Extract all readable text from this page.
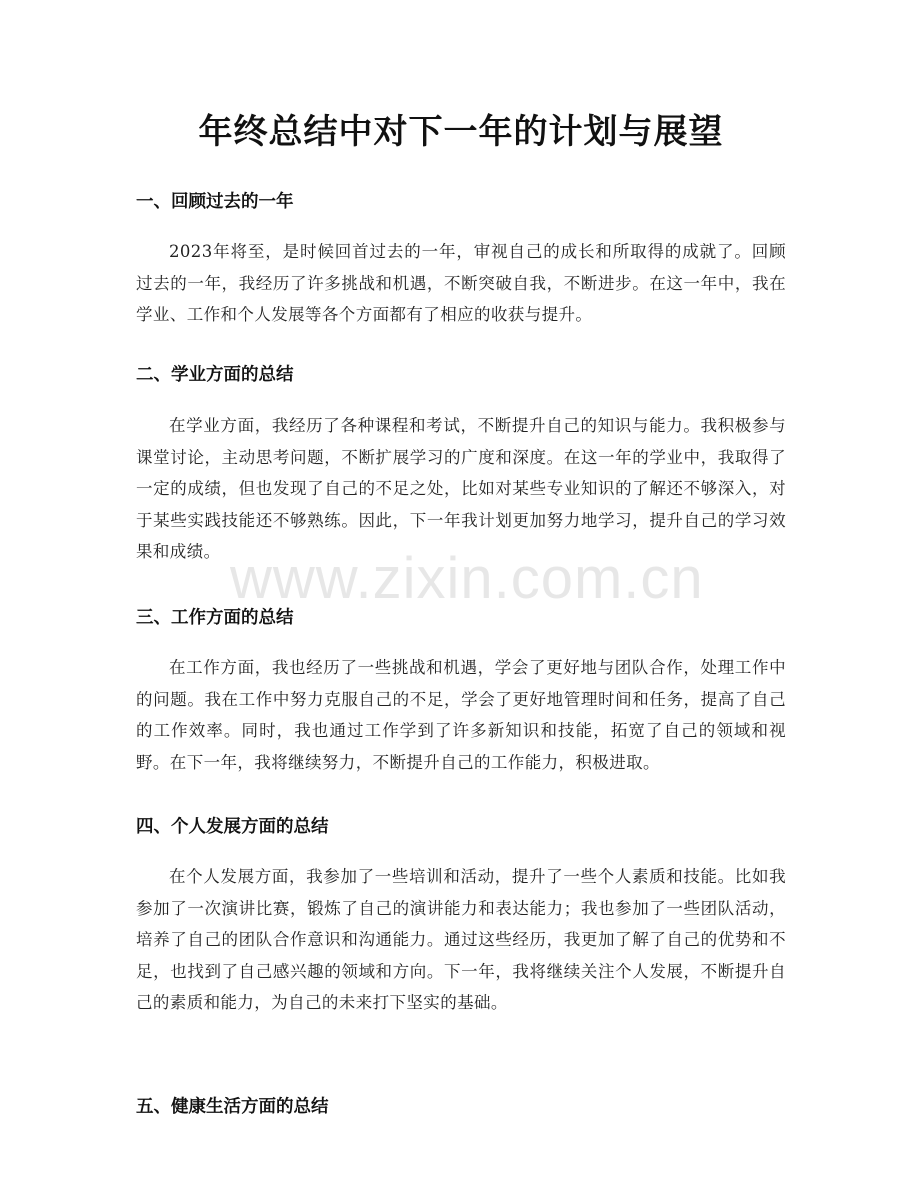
年终总结中对下一年的计划与展望
一、回顾过去的一年

2023年将至，是时候回首过去的一年，审视自己的成长和所取得的成就了。回顾过去的一年，我经历了许多挑战和机遇，不断突破自我，不断进步。在这一年中，我在学业、工作和个人发展等各个方面都有了相应的收获与提升。

二、学业方面的总结

在学业方面，我经历了各种课程和考试，不断提升自己的知识与能力。我积极参与课堂讨论，主动思考问题，不断扩展学习的广度和深度。在这一年的学业中，我取得了一定的成绩，但也发现了自己的不足之处，比如对某些专业知识的了解还不够深入，对于某些实践技能还不够熟练。因此，下一年我计划更加努力地学习，提升自己的学习效果和成绩。

三、工作方面的总结

在工作方面，我也经历了一些挑战和机遇，学会了更好地与团队合作，处理工作中的问题。我在工作中努力克服自己的不足，学会了更好地管理时间和任务，提高了自己的工作效率。同时，我也通过工作学到了许多新知识和技能，拓宽了自己的领域和视野。在下一年，我将继续努力，不断提升自己的工作能力，积极进取。

四、个人发展方面的总结

在个人发展方面，我参加了一些培训和活动，提升了一些个人素质和技能。比如我参加了一次演讲比赛，锻炼了自己的演讲能力和表达能力；我也参加了一些团队活动，培养了自己的团队合作意识和沟通能力。通过这些经历，我更加了解了自己的优势和不足，也找到了自己感兴趣的领域和方向。下一年，我将继续关注个人发展，不断提升自己的素质和能力，为自己的未来打下坚实的基础。

五、健康生活方面的总结
www.zixin.com.cn
